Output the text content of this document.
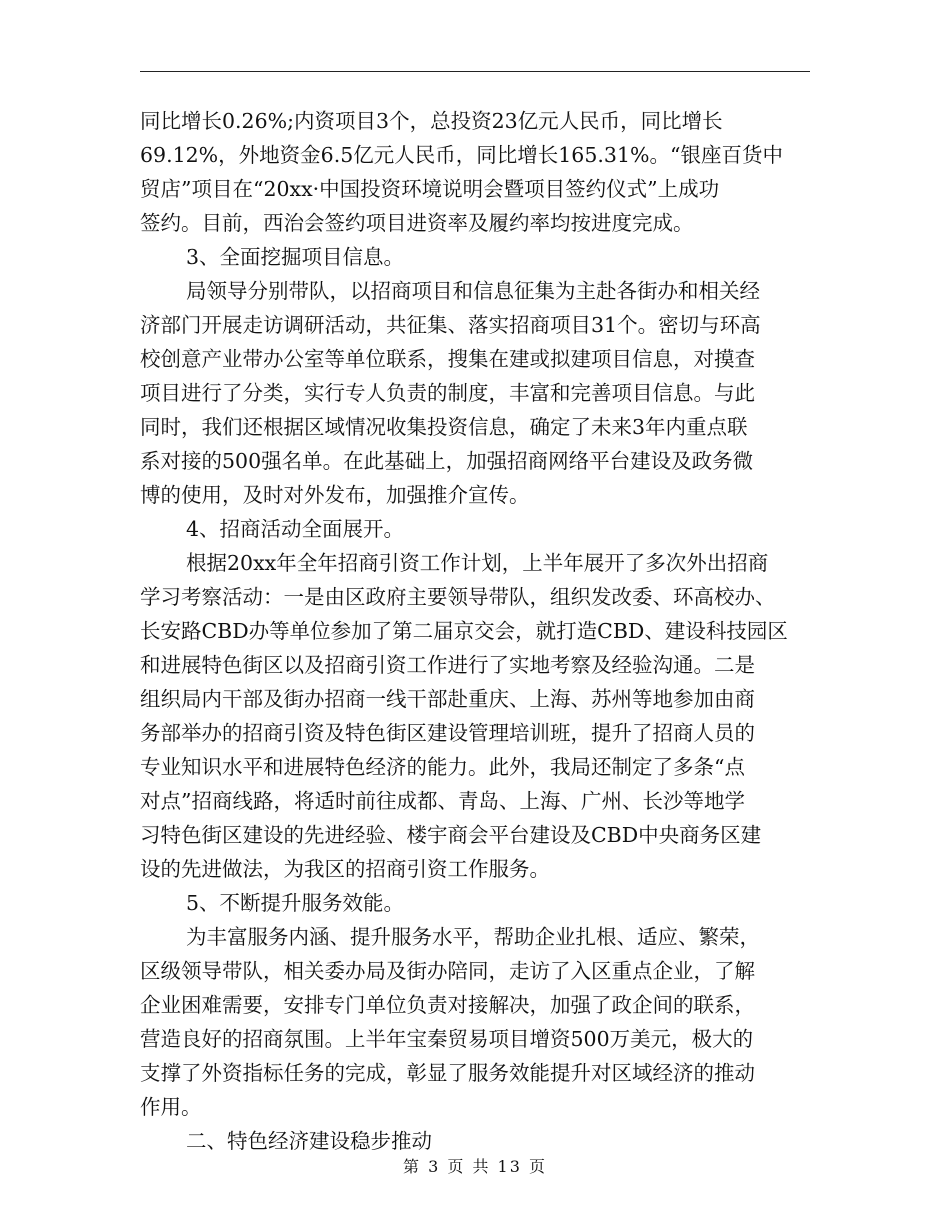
同比增长0.26%;内资项目3个，总投资23亿元人民币，同比增长
69.12%，外地资金6.5亿元人民币，同比增长165.31%。“银座百货中
贸店”项目在“20xx·中国投资环境说明会暨项目签约仪式”上成功
签约。目前，西治会签约项目进资率及履约率均按进度完成。
3、全面挖掘项目信息。
局领导分别带队，以招商项目和信息征集为主赴各街办和相关经
济部门开展走访调研活动，共征集、落实招商项目31个。密切与环高
校创意产业带办公室等单位联系，搜集在建或拟建项目信息，对摸查
项目进行了分类，实行专人负责的制度，丰富和完善项目信息。与此
同时，我们还根据区域情况收集投资信息，确定了未来3年内重点联
系对接的500强名单。在此基础上，加强招商网络平台建设及政务微
博的使用，及时对外发布，加强推介宣传。
4、招商活动全面展开。
根据20xx年全年招商引资工作计划，上半年展开了多次外出招商
学习考察活动：一是由区政府主要领导带队，组织发改委、环高校办、
长安路CBD办等单位参加了第二届京交会，就打造CBD、建设科技园区
和进展特色街区以及招商引资工作进行了实地考察及经验沟通。二是
组织局内干部及街办招商一线干部赴重庆、上海、苏州等地参加由商
务部举办的招商引资及特色街区建设管理培训班，提升了招商人员的
专业知识水平和进展特色经济的能力。此外，我局还制定了多条“点
对点”招商线路，将适时前往成都、青岛、上海、广州、长沙等地学
习特色街区建设的先进经验、楼宇商会平台建设及CBD中央商务区建
设的先进做法，为我区的招商引资工作服务。
5、不断提升服务效能。
为丰富服务内涵、提升服务水平，帮助企业扎根、适应、繁荣，
区级领导带队，相关委办局及街办陪同，走访了入区重点企业，了解
企业困难需要，安排专门单位负责对接解决，加强了政企间的联系，
营造良好的招商氛围。上半年宝秦贸易项目增资500万美元，极大的
支撑了外资指标任务的完成，彰显了服务效能提升对区域经济的推动
作用。
二、特色经济建设稳步推动
第 3 页 共 13 页
